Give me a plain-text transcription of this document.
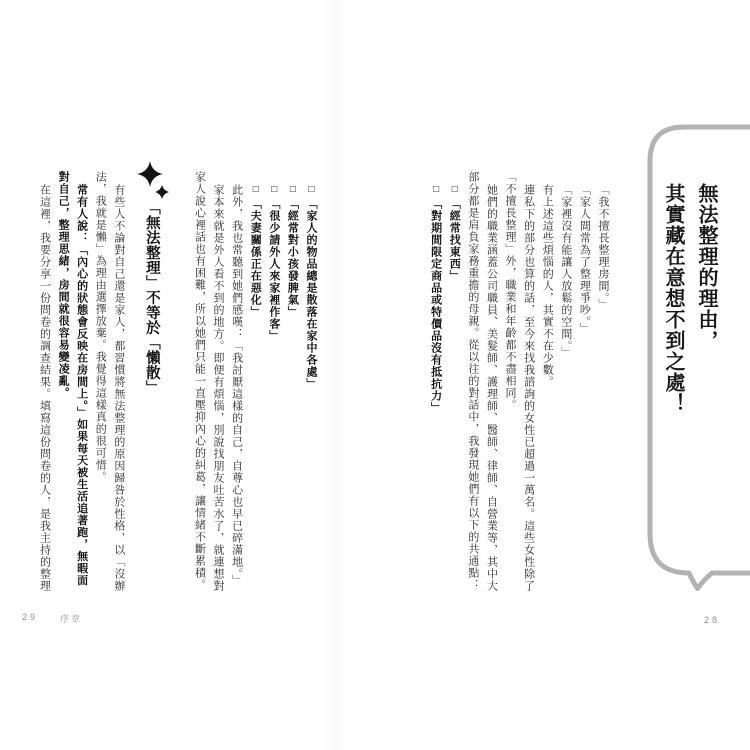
無法整理的理由，
其實藏在意想不到之處！

「我不擅長整理房間。」

「家人間常為了整理爭吵。」

「家裡沒有能讓人放鬆的空間。」

有上述這些煩惱的人，其實不在少數。

連私下的部分也算的話，至今來找我諮詢的女性已超過一萬名。這些女性除了「不擅長整理」外，職業和年齡都不盡相同。

她們的職業涵蓋公司職員、美髮師、護理師、醫師、律師、自營業等，其中大部分都是肩負家務重擔的母親。從以往的對話中，我發現她們有以下的共通點：

□「經常找東西」

□「對期間限定商品或特價品沒有抵抗力」

□「家人的物品總是散落在家中各處」

□「經常對小孩發脾氣」

□「很少請外人來家裡作客」

□「夫妻關係正在惡化」

此外，我也常聽到她們感嘆：「我討厭這樣的自己，自尊心也早已碎滿地。」

家本來就是外人看不到的地方。即便有煩惱，別說找朋友吐苦水了，就連想對家人說心裡話也有困難，所以她們只能一直壓抑內心的糾葛，讓情緒不斷累積。

「無法整理」不等於「懶散」

有些人不論對自己還是家人，都習慣將無法整理的原因歸咎於性格，以「沒辦法，我就是懶」為理由選擇放棄。我覺得這樣真的很可惜。

常有人說：「內心的狀態會反映在房間上。」如果每天被生活追著跑，無暇面對自己，整理思緒，房間就很容易變凌亂。

在這裡，我要分享一份問卷的調查結果。填寫這份問卷的人，是我主持的整理

29 序章	28
